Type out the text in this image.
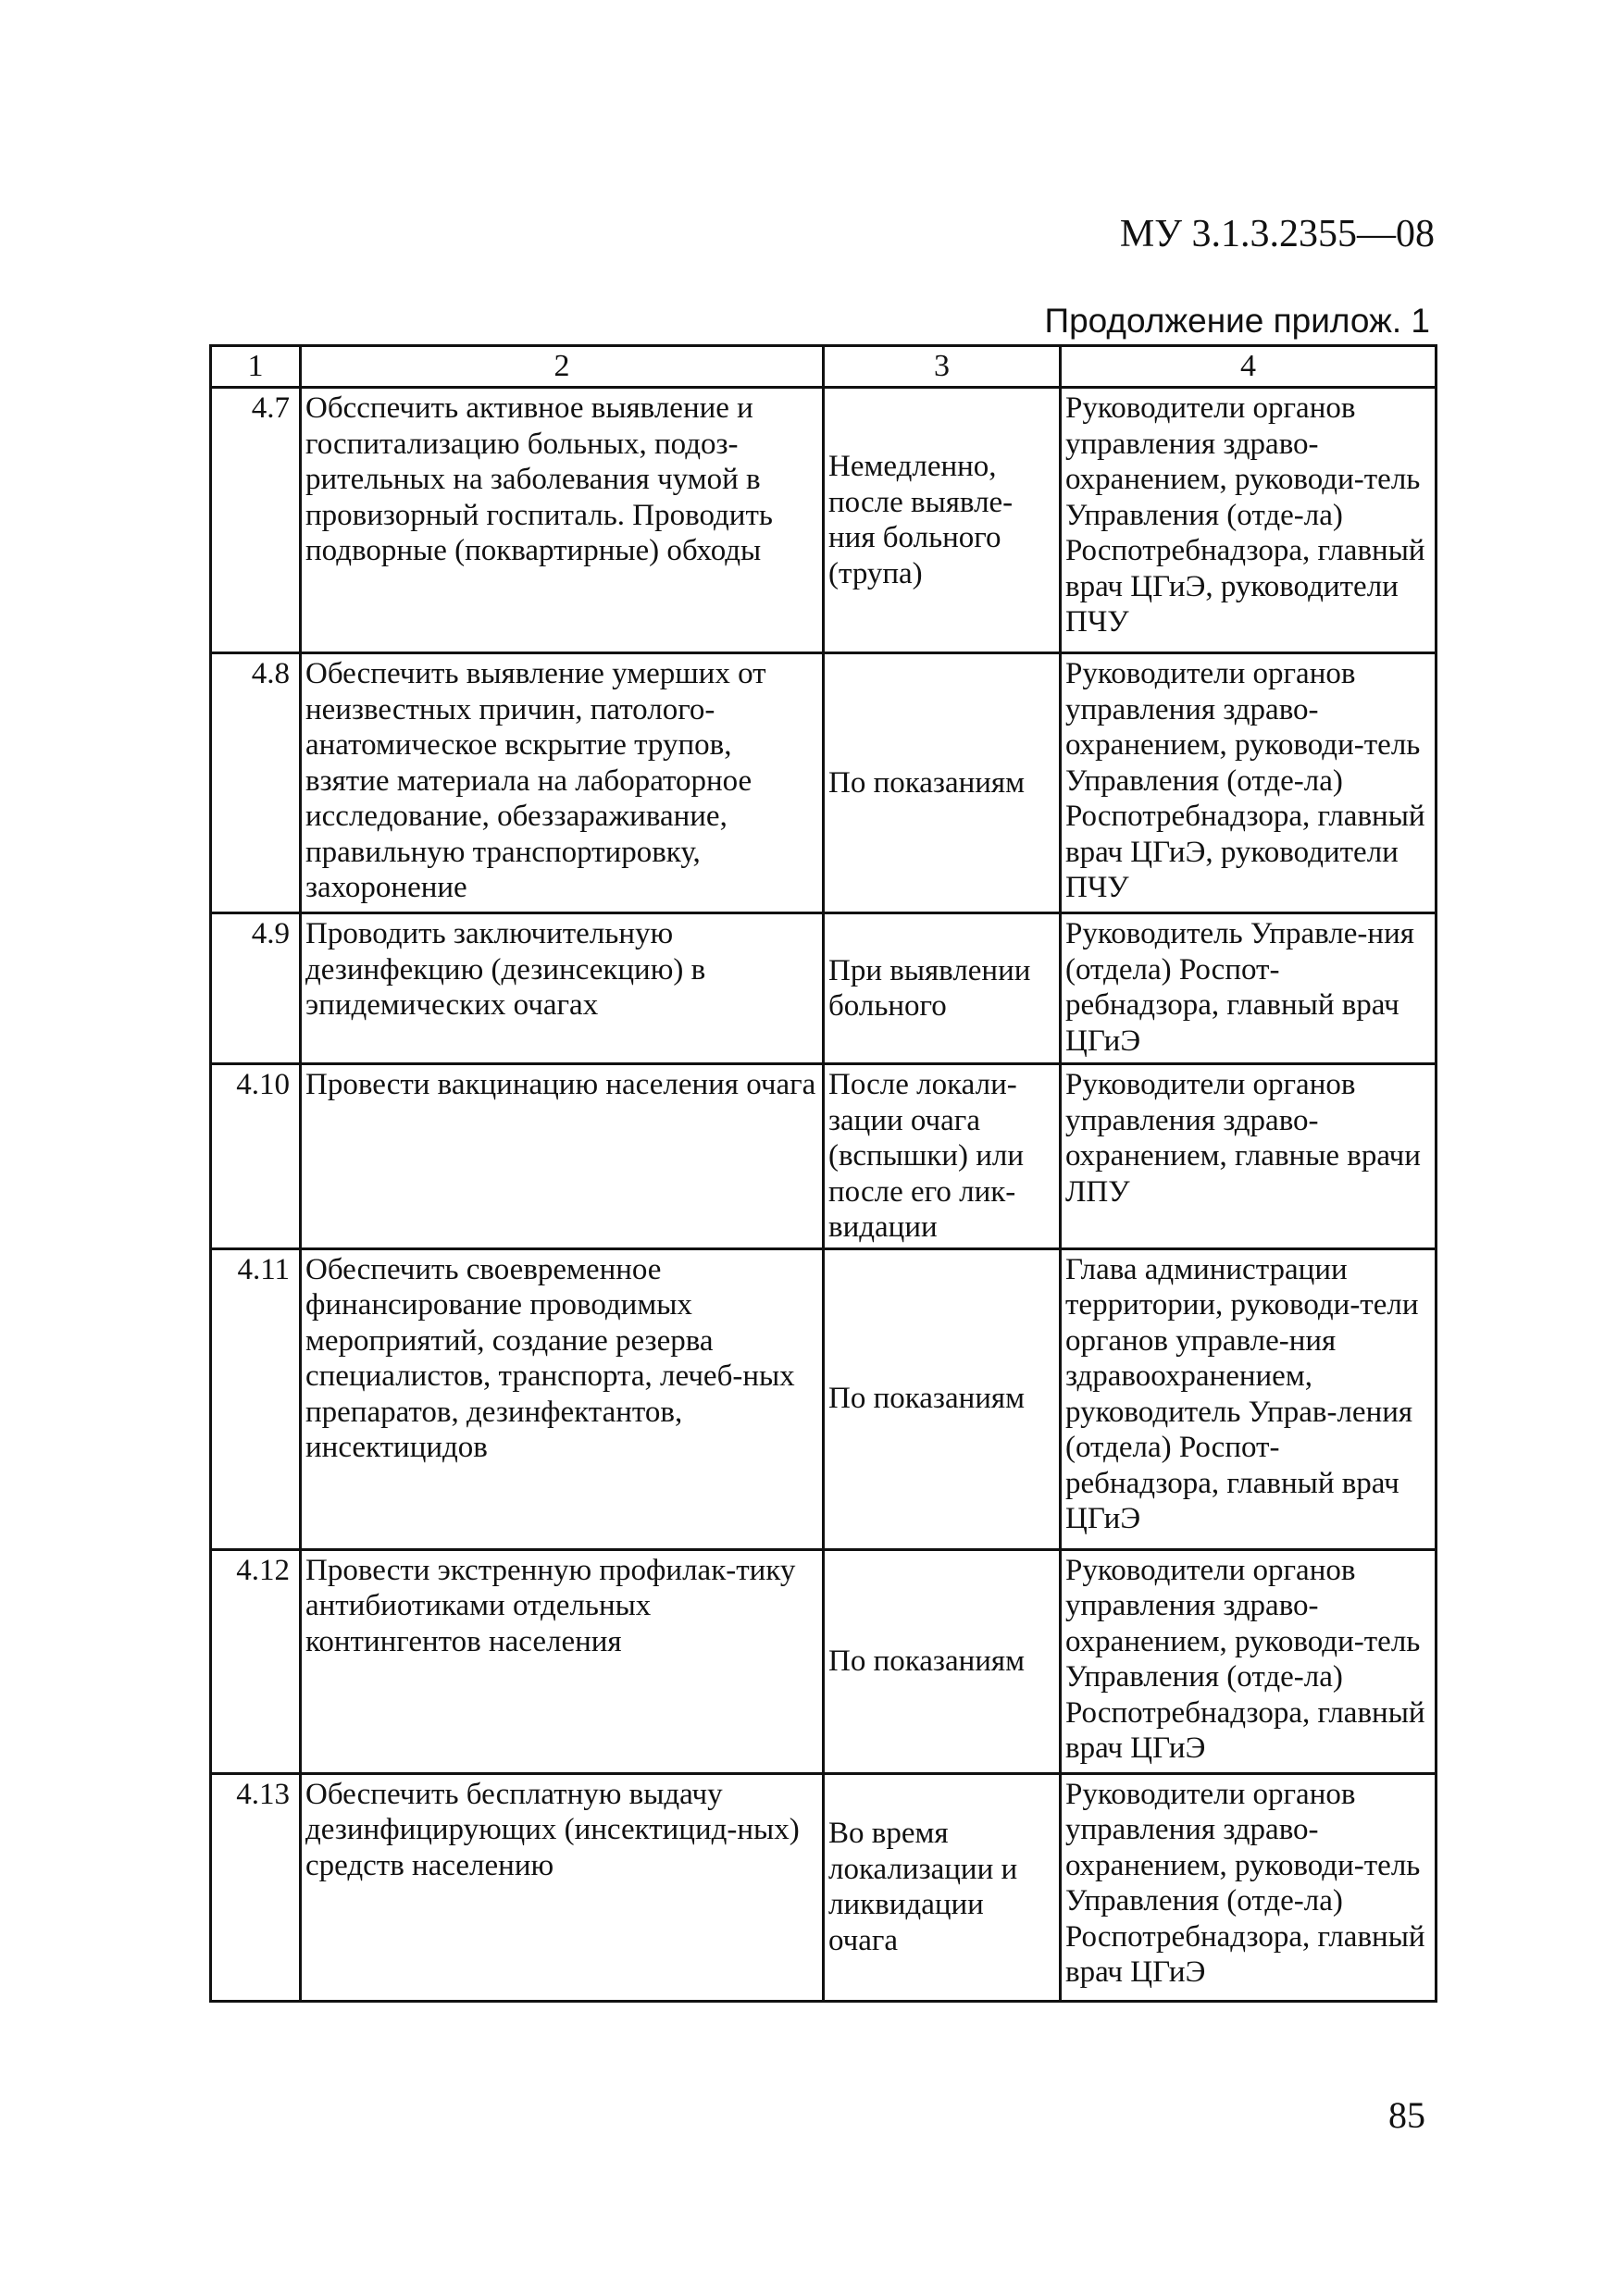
МУ 3.1.3.2355—08
Продолжение прилож. 1
1	2	3	4
4.7	Обсспечить активное выявление и госпитализацию больных, подоз-рительных на заболевания чумой в провизорный госпиталь. Проводить подворные (поквартирные) обходы	Немедленно, после выявле-ния больного (трупа)	Руководители органов управления здраво-охранением, руководи-тель Управления (отде-ла) Роспотребнадзора, главный врач ЦГиЭ, руководители ПЧУ
4.8	Обеспечить выявление умерших от неизвестных причин, патолого-анатомическое вскрытие трупов, взятие материала на лабораторное исследование, обеззараживание, правильную транспортировку, захоронение	По показаниям	Руководители органов управления здраво-охранением, руководи-тель Управления (отде-ла) Роспотребнадзора, главный врач ЦГиЭ, руководители ПЧУ
4.9	Проводить заключительную дезинфекцию (дезинсекцию) в эпидемических очагах	При выявлении больного	Руководитель Управле-ния (отдела) Роспот-ребнадзора, главный врач ЦГиЭ
4.10	Провести вакцинацию населения очага	После локали-зации очага (вспышки) или после его лик-видации	Руководители органов управления здраво-охранением, главные врачи ЛПУ
4.11	Обеспечить своевременное финансирование проводимых мероприятий, создание резерва специалистов, транспорта, лечеб-ных препаратов, дезинфектантов, инсектицидов	По показаниям	Глава администрации территории, руководи-тели органов управле-ния здравоохранением, руководитель Управ-ления (отдела) Роспот-ребнадзора, главный врач ЦГиЭ
4.12	Провести экстренную профилак-тику антибиотиками отдельных контингентов населения	По показаниям	Руководители органов управления здраво-охранением, руководи-тель Управления (отде-ла) Роспотребнадзора, главный врач ЦГиЭ
4.13	Обеспечить бесплатную выдачу дезинфицирующих (инсектицид-ных) средств населению	Во время локализации и ликвидации очага	Руководители органов управления здраво-охранением, руководи-тель Управления (отде-ла) Роспотребнадзора, главный врач ЦГиЭ
85
